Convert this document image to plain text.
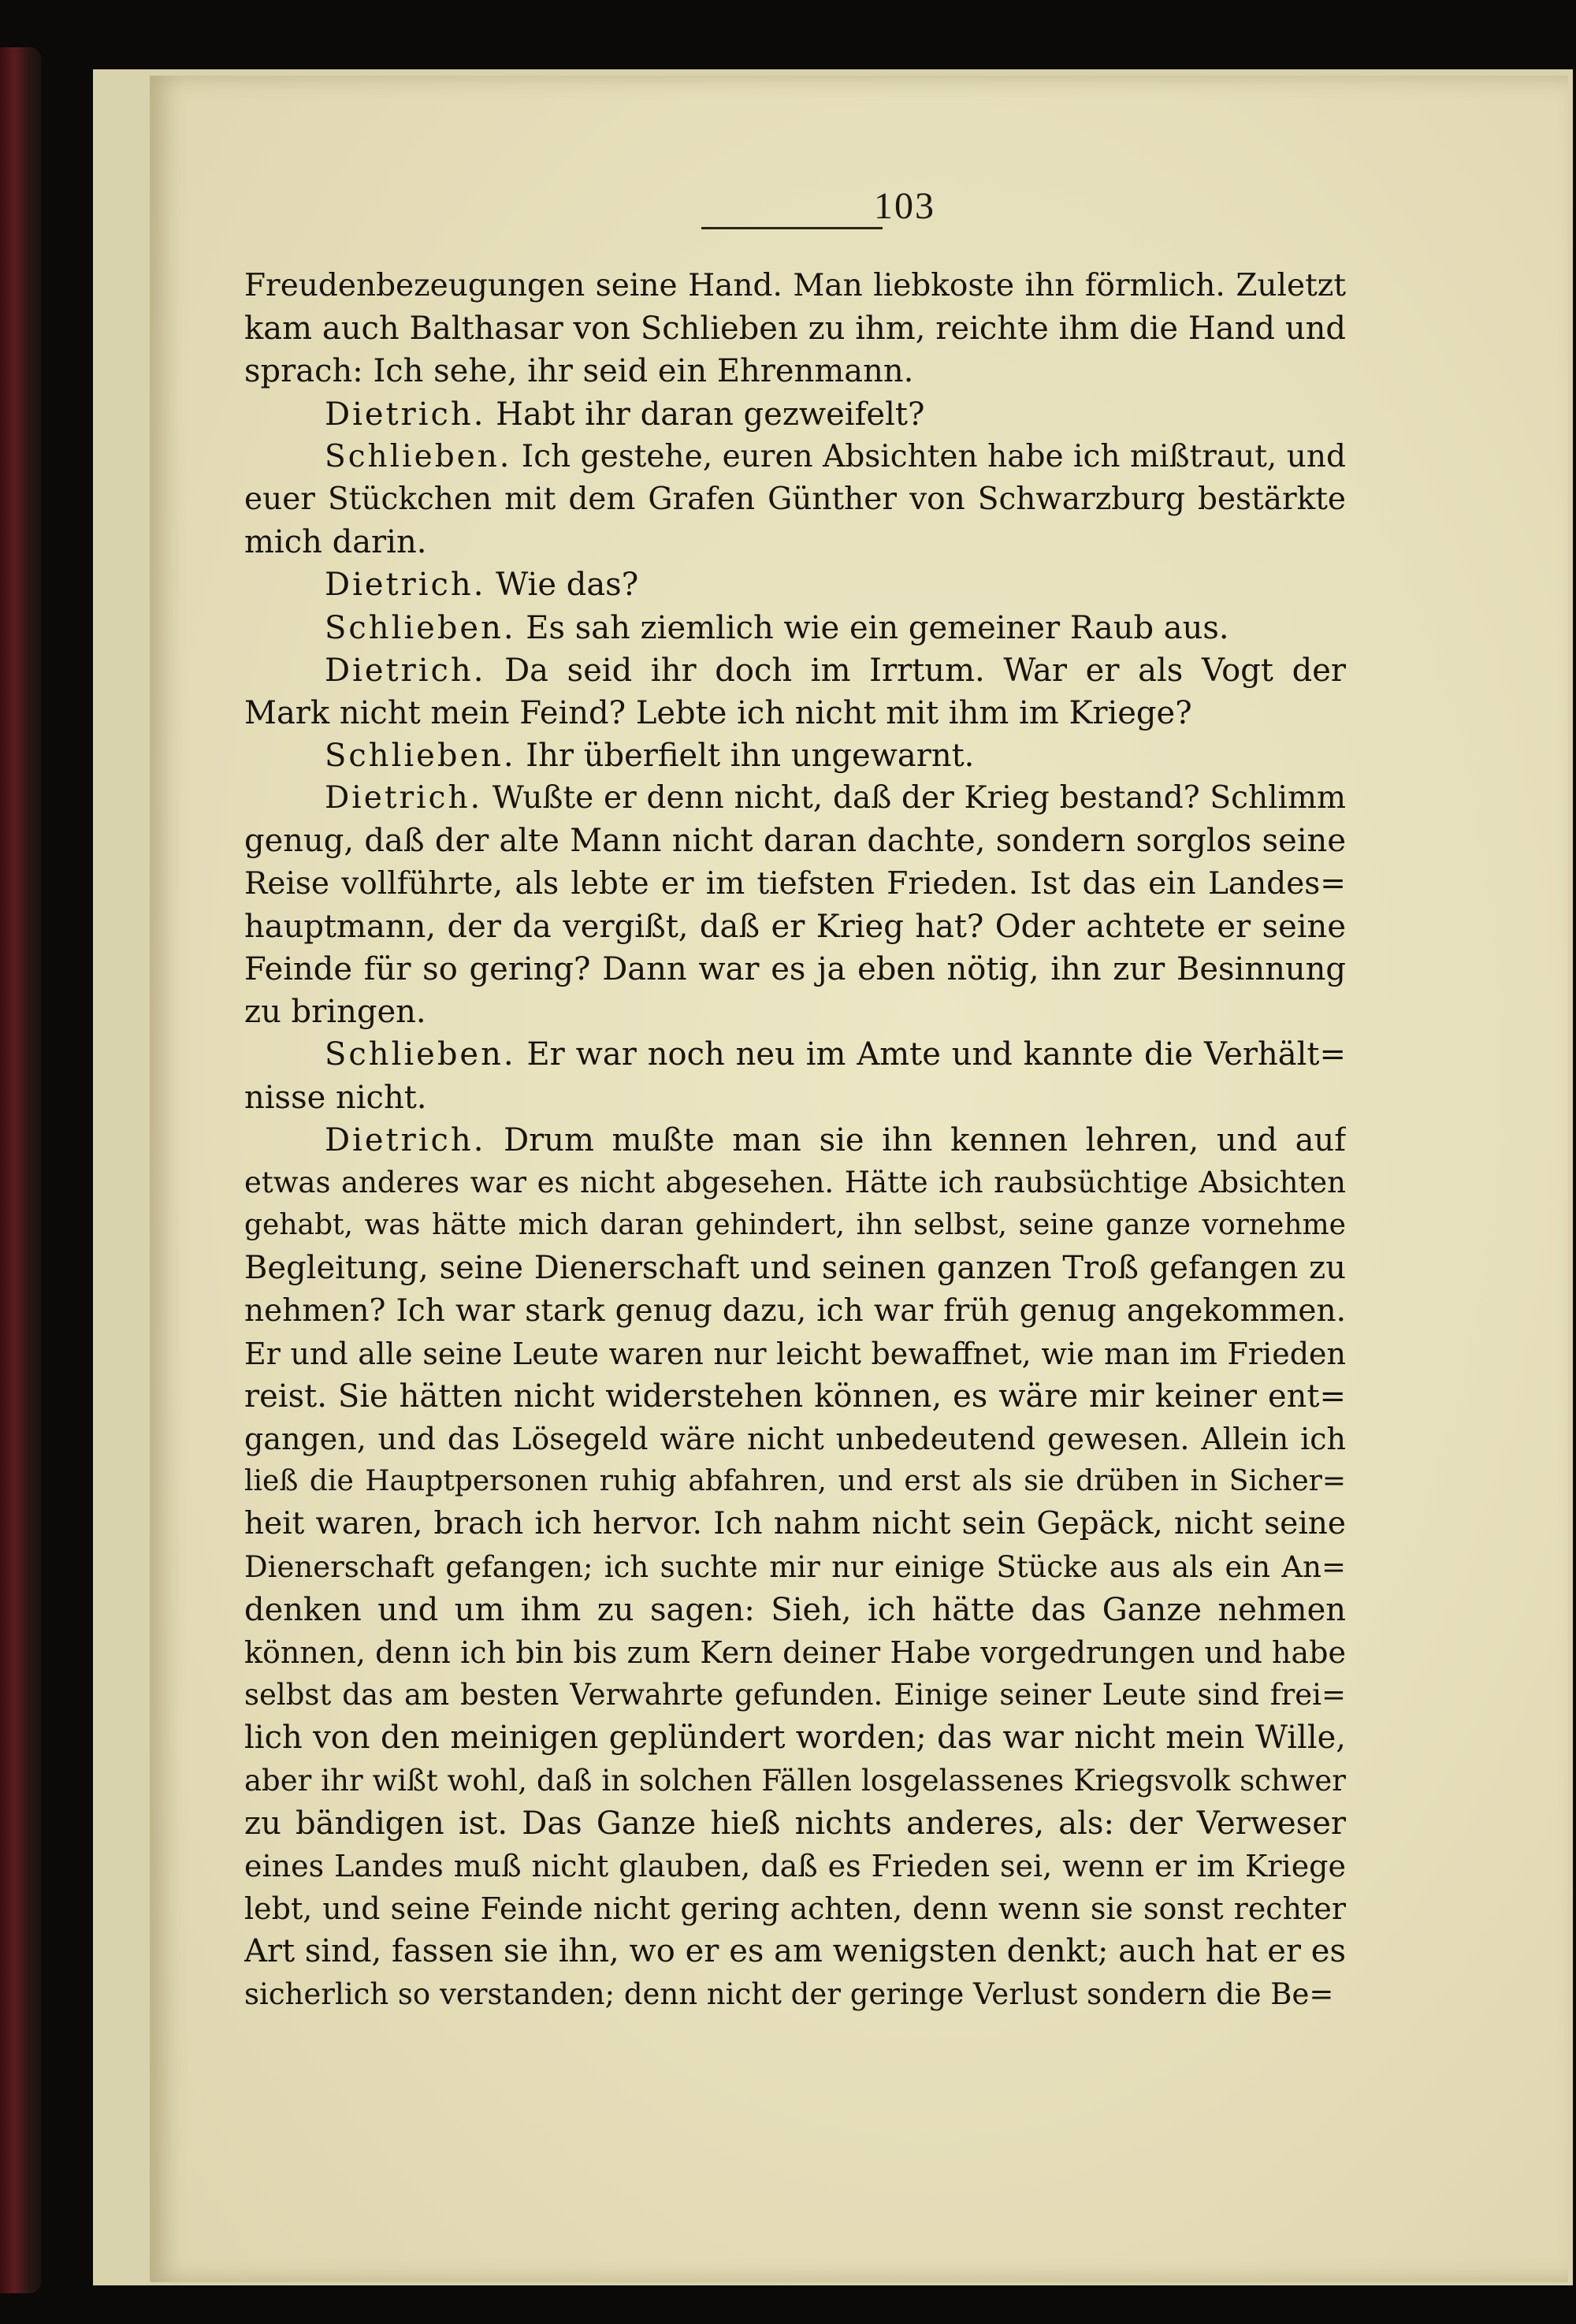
103
Freudenbezeugungen seine Hand. Man liebkoste ihn förmlich. Zuletzt
kam auch Balthasar von Schlieben zu ihm, reichte ihm die Hand und
sprach: Ich sehe, ihr seid ein Ehrenmann.
Dietrich. Habt ihr daran gezweifelt?
Schlieben. Ich gestehe, euren Absichten habe ich mißtraut, und
euer Stückchen mit dem Grafen Günther von Schwarzburg bestärkte
mich darin.
Dietrich. Wie das?
Schlieben. Es sah ziemlich wie ein gemeiner Raub aus.
Dietrich. Da seid ihr doch im Irrtum. War er als Vogt der
Mark nicht mein Feind? Lebte ich nicht mit ihm im Kriege?
Schlieben. Ihr überfielt ihn ungewarnt.
Dietrich. Wußte er denn nicht, daß der Krieg bestand? Schlimm
genug, daß der alte Mann nicht daran dachte, sondern sorglos seine
Reise vollführte, als lebte er im tiefsten Frieden. Ist das ein Landes=
hauptmann, der da vergißt, daß er Krieg hat? Oder achtete er seine
Feinde für so gering? Dann war es ja eben nötig, ihn zur Besinnung
zu bringen.
Schlieben. Er war noch neu im Amte und kannte die Verhält=
nisse nicht.
Dietrich. Drum mußte man sie ihn kennen lehren, und auf
etwas anderes war es nicht abgesehen. Hätte ich raubsüchtige Absichten
gehabt, was hätte mich daran gehindert, ihn selbst, seine ganze vornehme
Begleitung, seine Dienerschaft und seinen ganzen Troß gefangen zu
nehmen? Ich war stark genug dazu, ich war früh genug angekommen.
Er und alle seine Leute waren nur leicht bewaffnet, wie man im Frieden
reist. Sie hätten nicht widerstehen können, es wäre mir keiner ent=
gangen, und das Lösegeld wäre nicht unbedeutend gewesen. Allein ich
ließ die Hauptpersonen ruhig abfahren, und erst als sie drüben in Sicher=
heit waren, brach ich hervor. Ich nahm nicht sein Gepäck, nicht seine
Dienerschaft gefangen; ich suchte mir nur einige Stücke aus als ein An=
denken und um ihm zu sagen: Sieh, ich hätte das Ganze nehmen
können, denn ich bin bis zum Kern deiner Habe vorgedrungen und habe
selbst das am besten Verwahrte gefunden. Einige seiner Leute sind frei=
lich von den meinigen geplündert worden; das war nicht mein Wille,
aber ihr wißt wohl, daß in solchen Fällen losgelassenes Kriegsvolk schwer
zu bändigen ist. Das Ganze hieß nichts anderes, als: der Verweser
eines Landes muß nicht glauben, daß es Frieden sei, wenn er im Kriege
lebt, und seine Feinde nicht gering achten, denn wenn sie sonst rechter
Art sind, fassen sie ihn, wo er es am wenigsten denkt; auch hat er es
sicherlich so verstanden; denn nicht der geringe Verlust sondern die Be=
